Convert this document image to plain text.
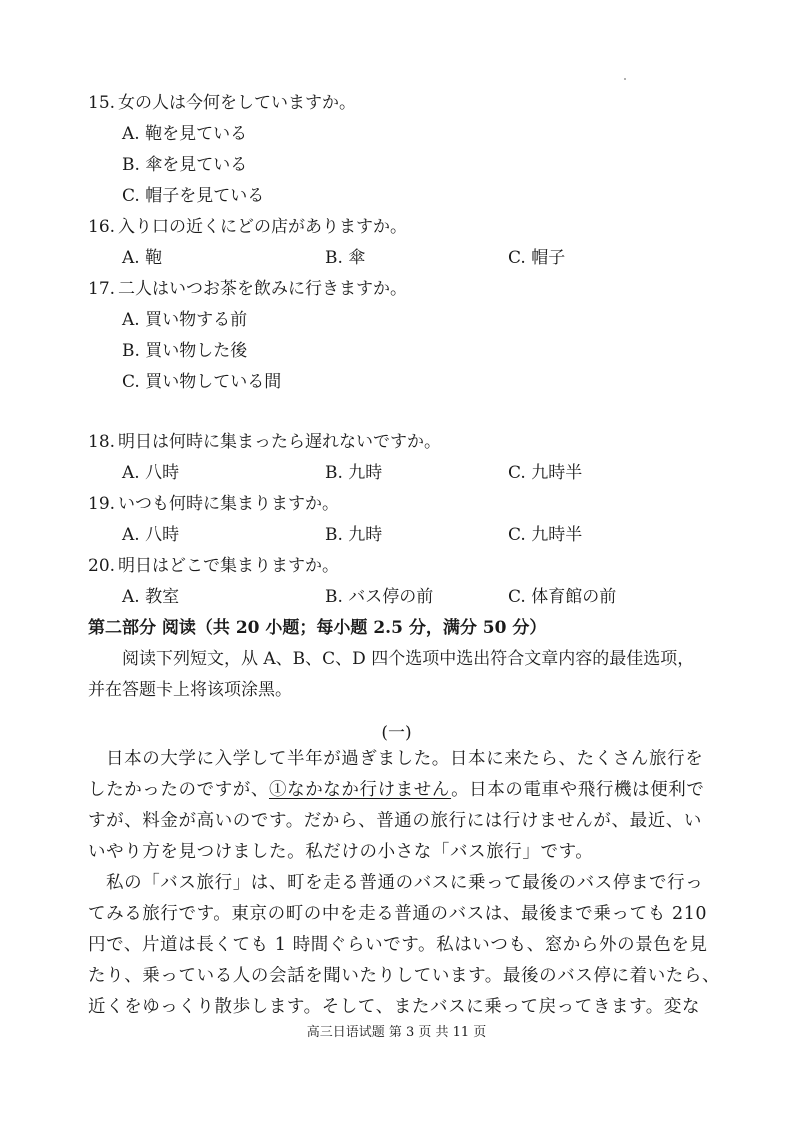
15. 女の人は今何をしていますか。
A. 鞄を見ている
B. 傘を見ている
C. 帽子を見ている
16. 入り口の近くにどの店がありますか。
A. 鞄	B. 傘	C. 帽子
17. 二人はいつお茶を飲みに行きますか。
A. 買い物する前
B. 買い物した後
C. 買い物している間
18. 明日は何時に集まったら遅れないですか。
A. 八時	B. 九時	C. 九時半
19. いつも何時に集まりますか。
A. 八時	B. 九時	C. 九時半
20. 明日はどこで集まりますか。
A. 教室	B. バス停の前	C. 体育館の前
第二部分 阅读（共 20 小题；每小题 2.5 分，满分 50 分）
阅读下列短文，从 A、B、C、D 四个选项中选出符合文章内容的最佳选项，
并在答题卡上将该项涂黑。
(一)
日本の大学に入学して半年が過ぎました。日本に来たら、たくさん旅行を
したかったのですが、①なかなか行けません。日本の電車や飛行機は便利で
すが、料金が高いのです。だから、普通の旅行には行けませんが、最近、い
いやり方を見つけました。私だけの小さな「バス旅行」です。
私の「バス旅行」は、町を走る普通のバスに乗って最後のバス停まで行っ
てみる旅行です。東京の町の中を走る普通のバスは、最後まで乗っても 210
円で、片道は長くても 1 時間ぐらいです。私はいつも、窓から外の景色を見
たり、乗っている人の会話を聞いたりしています。最後のバス停に着いたら、
近くをゆっくり散歩します。そして、またバスに乗って戻ってきます。変な
高三日语试题 第 3 页 共 11 页
